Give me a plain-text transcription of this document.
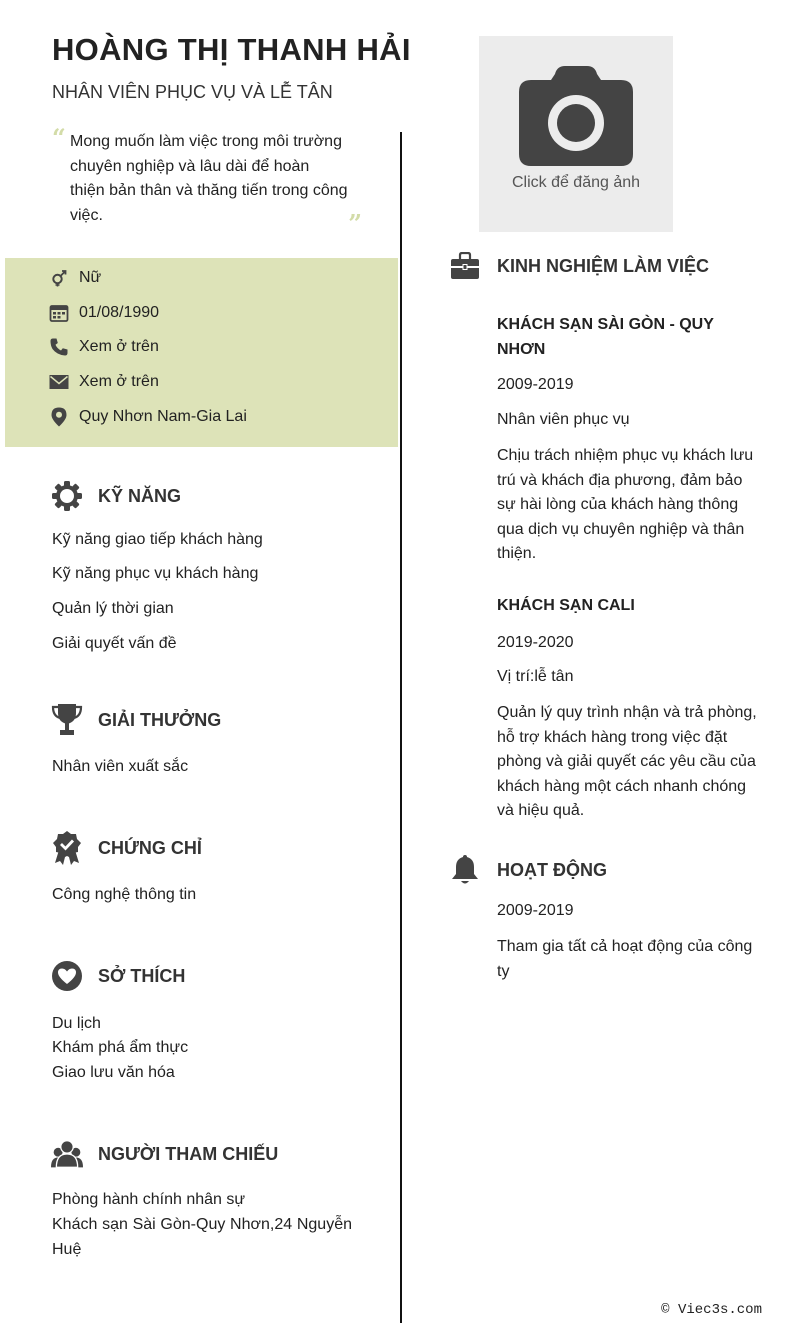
HOÀNG THỊ THANH HẢI
NHÂN VIÊN PHỤC VỤ VÀ LỄ TÂN
“ Mong muốn làm việc trong môi trường chuyên nghiệp và lâu dài để hoàn thiện bản thân và thăng tiến trong công việc.	”
Click để đăng ảnh
Nữ
01/08/1990
Xem ở trên
Xem ở trên
Quy Nhơn Nam-Gia Lai
KỸ NĂNG
Kỹ năng giao tiếp khách hàng
Kỹ năng phục vụ khách hàng
Quản lý thời gian
Giải quyết vấn đề
GIẢI THƯỞNG
Nhân viên xuất sắc
CHỨNG CHỈ
Công nghệ thông tin
SỞ THÍCH
Du lịch
Khám phá ẩm thực
Giao lưu văn hóa
NGƯỜI THAM CHIẾU
Phòng hành chính nhân sự
Khách sạn Sài Gòn-Quy Nhơn,24 Nguyễn Huệ
KINH NGHIỆM LÀM VIỆC
KHÁCH SẠN SÀI GÒN - QUY NHƠN
2009-2019
Nhân viên phục vụ
Chịu trách nhiệm phục vụ khách lưu trú và khách địa phương, đảm bảo sự hài lòng của khách hàng thông qua dịch vụ chuyên nghiệp và thân thiện.
KHÁCH SẠN CALI
2019-2020
Vị trí:lễ tân
Quản lý quy trình nhận và trả phòng, hỗ trợ khách hàng trong việc đặt phòng và giải quyết các yêu cầu của khách hàng một cách nhanh chóng và hiệu quả.
HOẠT ĐỘNG
2009-2019
Tham gia tất cả hoạt động của công ty
© Viec3s.com
